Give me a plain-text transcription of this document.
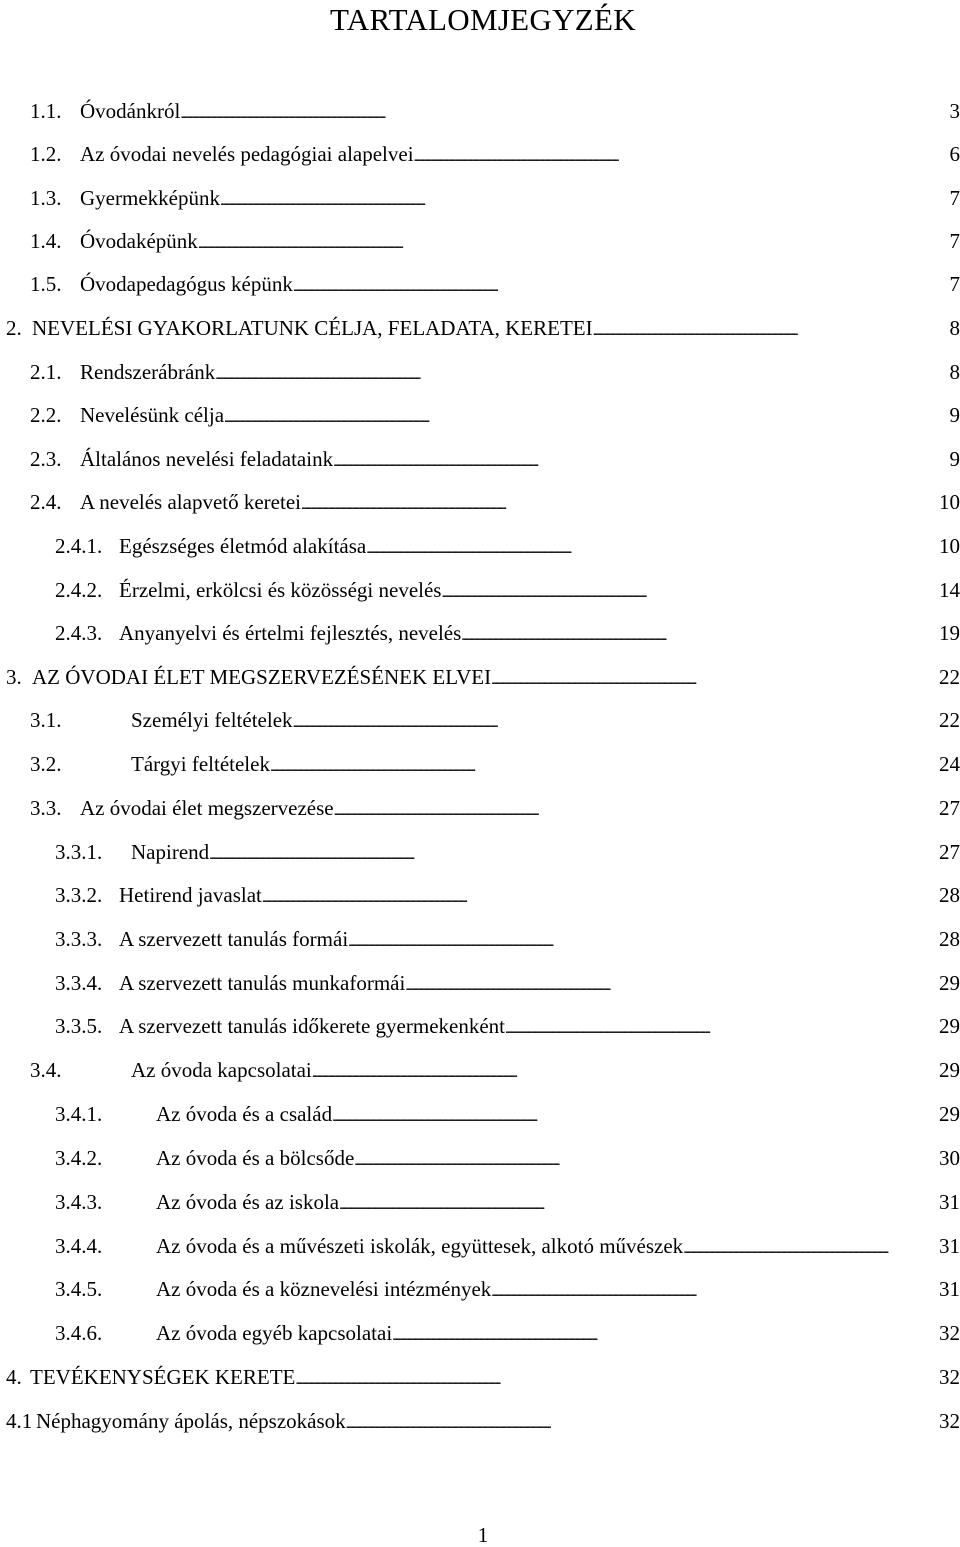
TARTALOMJEGYZÉK
1.1. Óvodánkról . . .	3
1.2. Az óvodai nevelés pedagógiai alapelvei . . .	6
1.3. Gyermekképünk . . .	7
1.4. Óvodaképünk . . .	7
1.5. Óvodapedagógus képünk . . .	7
2. NEVELÉSI GYAKORLATUNK CÉLJA, FELADATA, KERETEI . . .	8
2.1. Rendszerábránk . . .	8
2.2. Nevelésünk célja . . .	9
2.3. Általános nevelési feladataink . . .	9
2.4. A nevelés alapvető keretei . . .	10
2.4.1. Egészséges életmód alakítása . . .	10
2.4.2. Érzelmi, erkölcsi és közösségi nevelés . . .	14
2.4.3. Anyanyelvi és értelmi fejlesztés, nevelés . . .	19
3. AZ ÓVODAI ÉLET MEGSZERVEZÉSÉNEK ELVEI . . .	22
3.1.	Személyi feltételek . . .	22
3.2.	Tárgyi feltételek . . .	24
3.3. Az óvodai élet megszervezése . . .	27
3.3.1. Napirend . . .	27
3.3.2. Hetirend javaslat . . .	28
3.3.3. A szervezett tanulás formái . . .	28
3.3.4. A szervezett tanulás munkaformái . . .	29
3.3.5. A szervezett tanulás időkerete gyermekenként . . .	29
3.4.	Az óvoda kapcsolatai . . .	29
3.4.1.	Az óvoda és a család . . .	29
3.4.2.	Az óvoda és a bölcsőde . . .	30
3.4.3.	Az óvoda és az iskola . . .	31
3.4.4.	Az óvoda és a művészeti iskolák, együttesek, alkotó művészek . . .	31
3.4.5.	Az óvoda és a köznevelési intézmények . . .	31
3.4.6.	Az óvoda egyéb kapcsolatai . . .	32
4. TEVÉKENYSÉGEK KERETE . . .	32
4.1 Néphagyomány ápolás, népszokások . . .	32
1
